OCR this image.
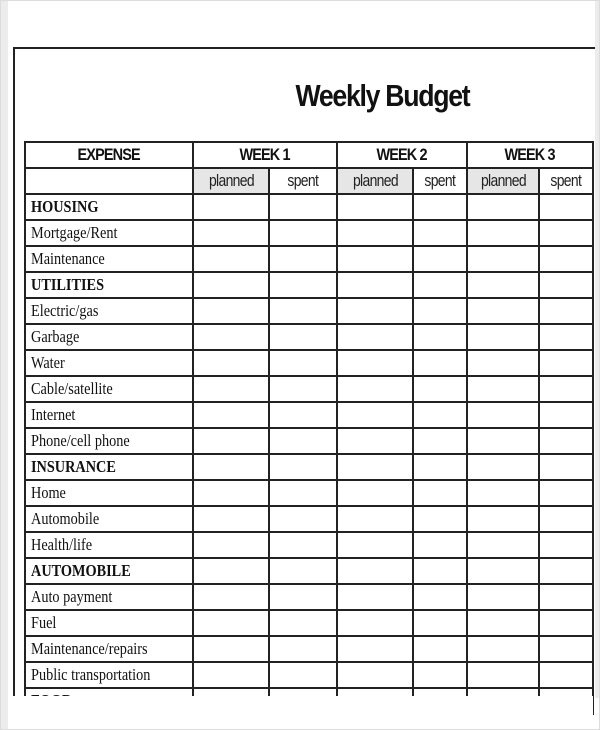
Weekly Budget
EXPENSE	WEEK 1		WEEK 2		WEEK 3	
	planned	spent	planned	spent	planned	spent
HOUSING						
Mortgage/Rent						
Maintenance						
UTILITIES						
Electric/gas						
Garbage						
Water						
Cable/satellite						
Internet						
Phone/cell phone						
INSURANCE						
Home						
Automobile						
Health/life						
AUTOMOBILE						
Auto payment						
Fuel						
Maintenance/repairs						
Public transportation						
